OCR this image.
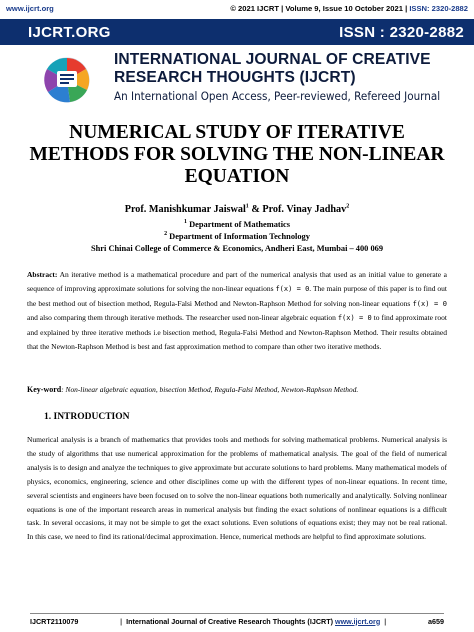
www.ijcrt.org	© 2021 IJCRT | Volume 9, Issue 10 October 2021 | ISSN: 2320-2882
IJCRT.ORG	ISSN : 2320-2882
INTERNATIONAL JOURNAL OF CREATIVE RESEARCH THOUGHTS (IJCRT)
An International Open Access, Peer-reviewed, Refereed Journal
NUMERICAL STUDY OF ITERATIVE METHODS FOR SOLVING THE NON-LINEAR EQUATION
Prof. Manishkumar Jaiswal$^1$ & Prof. Vinay Jadhav$^2$
$^1$ Department of Mathematics
$^2$ Department of Information Technology
Shri Chinai College of Commerce & Economics, Andheri East, Mumbai – 400 069

Abstract: An iterative method is a mathematical procedure and part of the numerical analysis that used as an initial value to generate a sequence of improving approximate solutions for solving the non-linear equations f(x) = 0. The main purpose of this paper is to find out the best method out of bisection method, Regula-Falsi Method and Newton-Raphson Method for solving non-linear equations f(x) = 0 and also comparing them through iterative methods. The researcher used non-linear algebraic equation f(x) = 0 to find approximate root and explained by three iterative methods i.e bisection method, Regula-Falsi Method and Newton-Raphson Method. Their results obtained that the Newton-Raphson Method is best and fast approximation method to compare than other two iterative methods.

Key-word: Non-linear algebraic equation, bisection Method, Regula-Falsi Method, Newton-Raphson Method.

1. INTRODUCTION

Numerical analysis is a branch of mathematics that provides tools and methods for solving mathematical problems. Numerical analysis is the study of algorithms that use numerical approximation for the problems of mathematical analysis. The goal of the field of numerical analysis is to design and analyze the techniques to give approximate but accurate solutions to hard problems. Many mathematical models of physics, economics, engineering, science and other disciplines come up with the different types of non-linear equations. In recent time, several scientists and engineers have been focused on to solve the non-linear equations both numerically and analytically. Solving nonlinear equations is one of the important research areas in numerical analysis but finding the exact solutions of nonlinear equations is a difficult task. In several occasions, it may not be simple to get the exact solutions. Even solutions of equations exist; they may not be real rational. In this case, we need to find its rational/decimal approximation. Hence, numerical methods are helpful to find approximate solutions.

IJCRT2110079	| International Journal of Creative Research Thoughts (IJCRT) www.ijcrt.org |	a659
